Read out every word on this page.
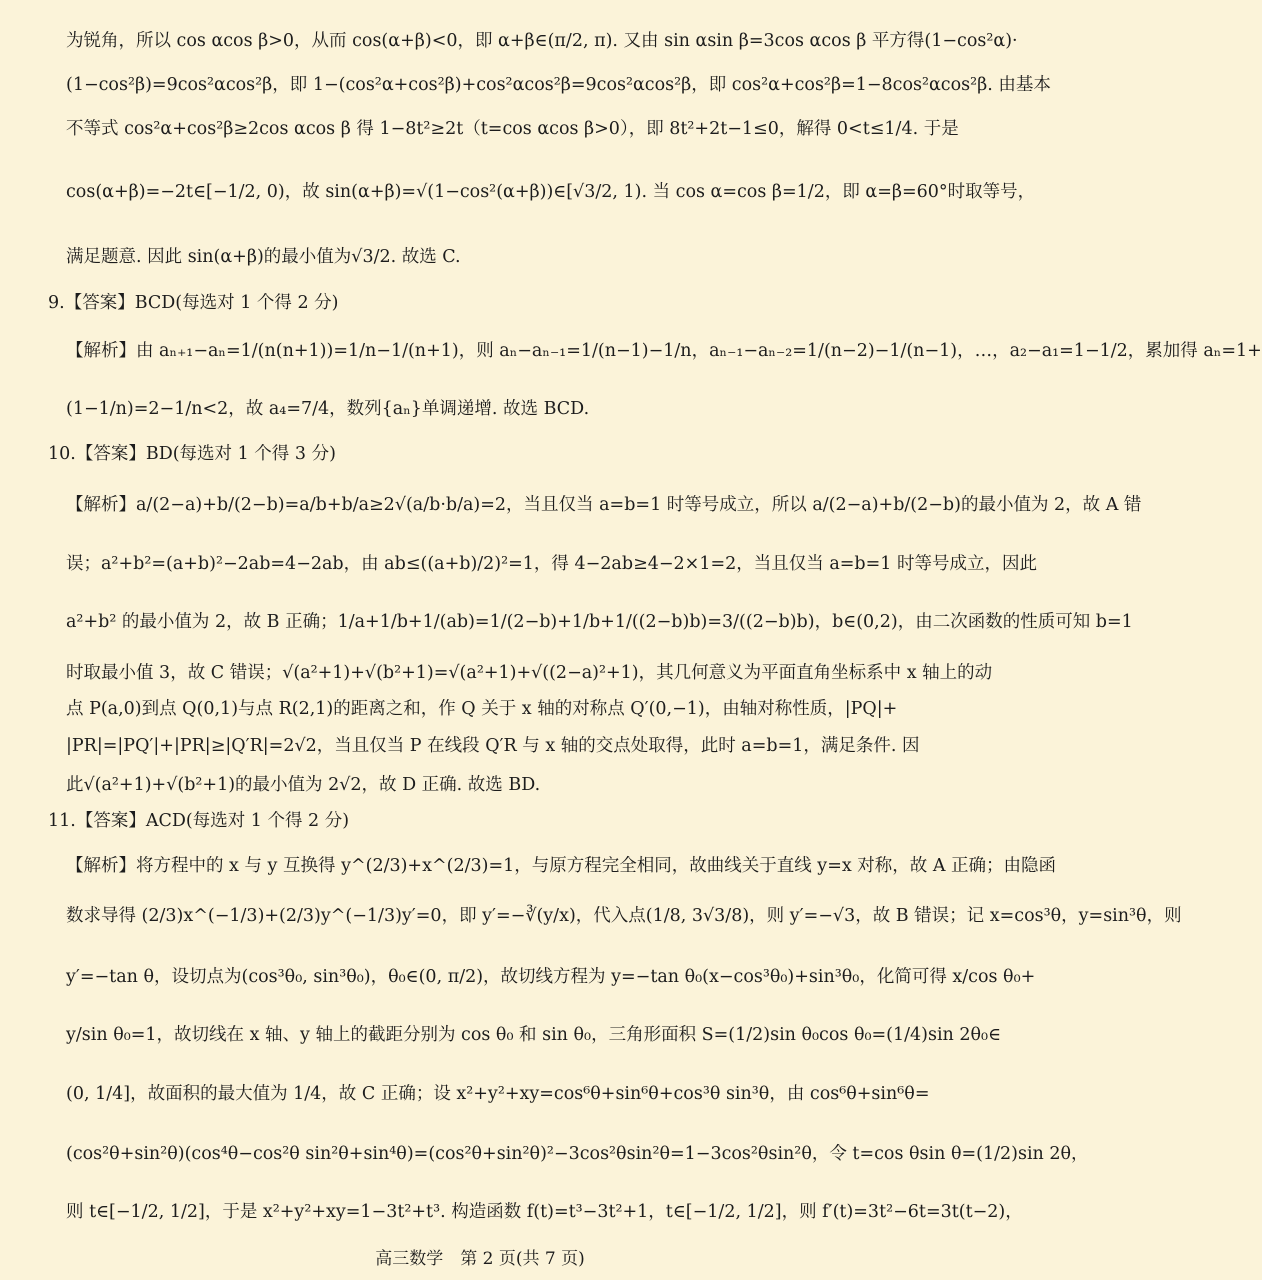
为锐角，所以 cos αcos β>0，从而 cos(α+β)<0，即 α+β∈(π/2, π). 又由 sin αsin β=3cos αcos β 平方得(1−cos²α)·
(1−cos²β)=9cos²αcos²β，即 1−(cos²α+cos²β)+cos²αcos²β=9cos²αcos²β，即 cos²α+cos²β=1−8cos²αcos²β. 由基本
不等式 cos²α+cos²β≥2cos αcos β 得 1−8t²≥2t（t=cos αcos β>0），即 8t²+2t−1≤0，解得 0<t≤1/4. 于是
cos(α+β)=−2t∈[−1/2, 0)，故 sin(α+β)=√(1−cos²(α+β))∈[√3/2, 1). 当 cos α=cos β=1/2，即 α=β=60°时取等号，
满足题意. 因此 sin(α+β)的最小值为√3/2. 故选 C.
9.【答案】BCD(每选对 1 个得 2 分)
【解析】由 aₙ₊₁−aₙ=1/(n(n+1))=1/n−1/(n+1)，则 aₙ−aₙ₋₁=1/(n−1)−1/n，aₙ₋₁−aₙ₋₂=1/(n−2)−1/(n−1)，…，a₂−a₁=1−1/2，累加得 aₙ=1+
(1−1/n)=2−1/n<2，故 a₄=7/4，数列{aₙ}单调递增. 故选 BCD.
10.【答案】BD(每选对 1 个得 3 分)
【解析】a/(2−a)+b/(2−b)=a/b+b/a≥2√(a/b·b/a)=2，当且仅当 a=b=1 时等号成立，所以 a/(2−a)+b/(2−b)的最小值为 2，故 A 错
误；a²+b²=(a+b)²−2ab=4−2ab，由 ab≤((a+b)/2)²=1，得 4−2ab≥4−2×1=2，当且仅当 a=b=1 时等号成立，因此
a²+b² 的最小值为 2，故 B 正确；1/a+1/b+1/(ab)=1/(2−b)+1/b+1/((2−b)b)=3/((2−b)b)，b∈(0,2)，由二次函数的性质可知 b=1
时取最小值 3，故 C 错误；√(a²+1)+√(b²+1)=√(a²+1)+√((2−a)²+1)，其几何意义为平面直角坐标系中 x 轴上的动
点 P(a,0)到点 Q(0,1)与点 R(2,1)的距离之和，作 Q 关于 x 轴的对称点 Q′(0,−1)，由轴对称性质，|PQ|+
|PR|=|PQ′|+|PR|≥|Q′R|=2√2，当且仅当 P 在线段 Q′R 与 x 轴的交点处取得，此时 a=b=1，满足条件. 因
此√(a²+1)+√(b²+1)的最小值为 2√2，故 D 正确. 故选 BD.
11.【答案】ACD(每选对 1 个得 2 分)
【解析】将方程中的 x 与 y 互换得 y^(2/3)+x^(2/3)=1，与原方程完全相同，故曲线关于直线 y=x 对称，故 A 正确；由隐函
数求导得 (2/3)x^(−1/3)+(2/3)y^(−1/3)y′=0，即 y′=−∛(y/x)，代入点(1/8, 3√3/8)，则 y′=−√3，故 B 错误；记 x=cos³θ，y=sin³θ，则
y′=−tan θ，设切点为(cos³θ₀, sin³θ₀)，θ₀∈(0, π/2)，故切线方程为 y=−tan θ₀(x−cos³θ₀)+sin³θ₀，化简可得 x/cos θ₀+
y/sin θ₀=1，故切线在 x 轴、y 轴上的截距分别为 cos θ₀ 和 sin θ₀，三角形面积 S=(1/2)sin θ₀cos θ₀=(1/4)sin 2θ₀∈
(0, 1/4]，故面积的最大值为 1/4，故 C 正确；设 x²+y²+xy=cos⁶θ+sin⁶θ+cos³θ sin³θ，由 cos⁶θ+sin⁶θ=
(cos²θ+sin²θ)(cos⁴θ−cos²θ sin²θ+sin⁴θ)=(cos²θ+sin²θ)²−3cos²θsin²θ=1−3cos²θsin²θ，令 t=cos θsin θ=(1/2)sin 2θ，
则 t∈[−1/2, 1/2]，于是 x²+y²+xy=1−3t²+t³. 构造函数 f(t)=t³−3t²+1，t∈[−1/2, 1/2]，则 f′(t)=3t²−6t=3t(t−2)，
高三数学　第 2 页(共 7 页)
